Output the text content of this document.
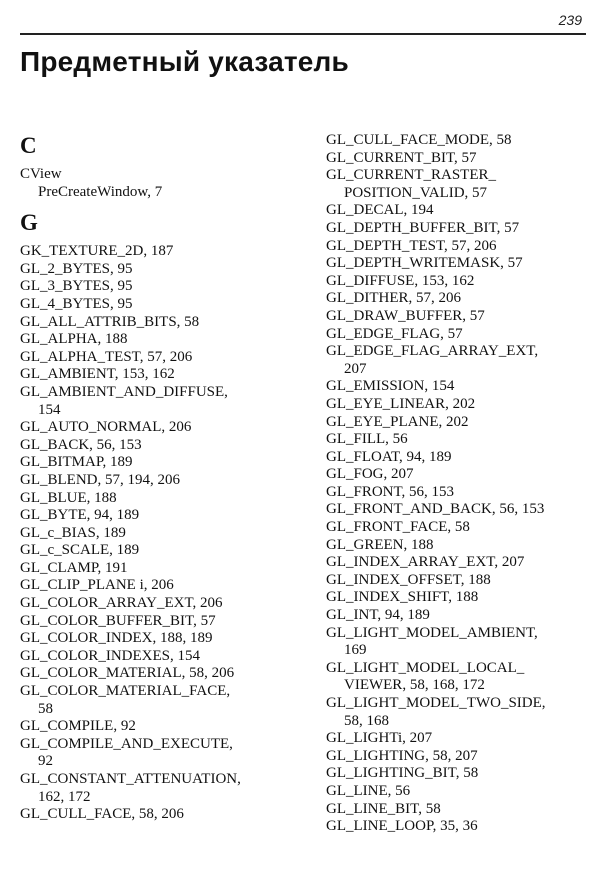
239
Предметный указатель
C

CView

PreCreateWindow, 7

G

GK_TEXTURE_2D, 187

GL_2_BYTES, 95

GL_3_BYTES, 95

GL_4_BYTES, 95

GL_ALL_ATTRIB_BITS, 58

GL_ALPHA, 188

GL_ALPHA_TEST, 57, 206

GL_AMBIENT, 153, 162

GL_AMBIENT_AND_DIFFUSE,
154

GL_AUTO_NORMAL, 206

GL_BACK, 56, 153

GL_BITMAP, 189

GL_BLEND, 57, 194, 206

GL_BLUE, 188

GL_BYTE, 94, 189

GL_c_BIAS, 189

GL_c_SCALE, 189

GL_CLAMP, 191

GL_CLIP_PLANE i, 206

GL_COLOR_ARRAY_EXT, 206

GL_COLOR_BUFFER_BIT, 57

GL_COLOR_INDEX, 188, 189

GL_COLOR_INDEXES, 154

GL_COLOR_MATERIAL, 58, 206

GL_COLOR_MATERIAL_FACE,
58

GL_COMPILE, 92

GL_COMPILE_AND_EXECUTE,
92

GL_CONSTANT_ATTENUATION,
162, 172

GL_CULL_FACE, 58, 206

GL_CULL_FACE_MODE, 58

GL_CURRENT_BIT, 57

GL_CURRENT_RASTER_
POSITION_VALID, 57

GL_DECAL, 194

GL_DEPTH_BUFFER_BIT, 57

GL_DEPTH_TEST, 57, 206

GL_DEPTH_WRITEMASK, 57

GL_DIFFUSE, 153, 162

GL_DITHER, 57, 206

GL_DRAW_BUFFER, 57

GL_EDGE_FLAG, 57

GL_EDGE_FLAG_ARRAY_EXT,
207

GL_EMISSION, 154

GL_EYE_LINEAR, 202

GL_EYE_PLANE, 202

GL_FILL, 56

GL_FLOAT, 94, 189

GL_FOG, 207

GL_FRONT, 56, 153

GL_FRONT_AND_BACK, 56, 153

GL_FRONT_FACE, 58

GL_GREEN, 188

GL_INDEX_ARRAY_EXT, 207

GL_INDEX_OFFSET, 188

GL_INDEX_SHIFT, 188

GL_INT, 94, 189

GL_LIGHT_MODEL_AMBIENT,
169

GL_LIGHT_MODEL_LOCAL_
VIEWER, 58, 168, 172

GL_LIGHT_MODEL_TWO_SIDE,
58, 168

GL_LIGHTi, 207

GL_LIGHTING, 58, 207

GL_LIGHTING_BIT, 58

GL_LINE, 56

GL_LINE_BIT, 58

GL_LINE_LOOP, 35, 36
